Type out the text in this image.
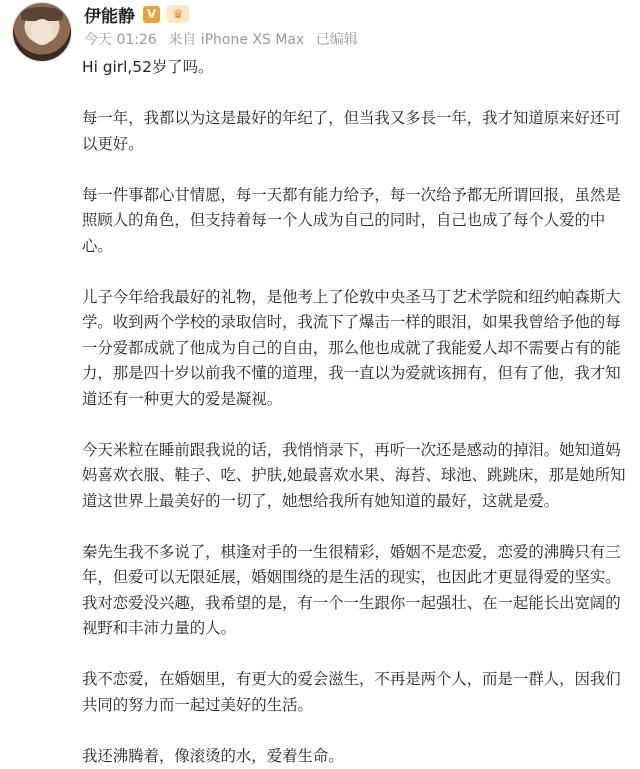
伊能静 V	♛
今天 01:26 来自 iPhone XS Max 已编辑

Hi girl,52岁了吗。

每一年，我都以为这是最好的年纪了，但当我又多長一年，我才知道原来好还可以更好。

每一件事都心甘情愿，每一天都有能力给予，每一次给予都无所谓回报，虽然是照顾人的角色，但支持着每一个人成为自己的同时，自己也成了每个人爱的中心。

儿子今年给我最好的礼物，是他考上了伦敦中央圣马丁艺术学院和纽约帕森斯大学。收到两个学校的录取信时，我流下了爆击一样的眼泪，如果我曾给予他的每一分爱都成就了他成为自己的自由，那么他也成就了我能爱人却不需要占有的能力，那是四十岁以前我不懂的道理，我一直以为爱就该拥有，但有了他，我才知道还有一种更大的爱是凝视。

今天米粒在睡前跟我说的话，我悄悄录下，再听一次还是感动的掉泪。她知道妈妈喜欢衣服、鞋子、吃、护肤,她最喜欢水果、海苔、球池、跳跳床，那是她所知道这世界上最美好的一切了，她想给我所有她知道的最好，这就是爱。

秦先生我不多说了，棋逢对手的一生很精彩，婚姻不是恋爱，恋爱的沸腾只有三年，但爱可以无限延展，婚姻围绕的是生活的现实，也因此才更显得爱的坚实。我对恋爱没兴趣，我希望的是，有一个一生跟你一起强壮、在一起能长出宽阔的视野和丰沛力量的人。

我不恋爱，在婚姻里，有更大的爱会滋生，不再是两个人，而是一群人，因我们共同的努力而一起过美好的生活。

我还沸腾着，像滚烫的水，爱着生命。
